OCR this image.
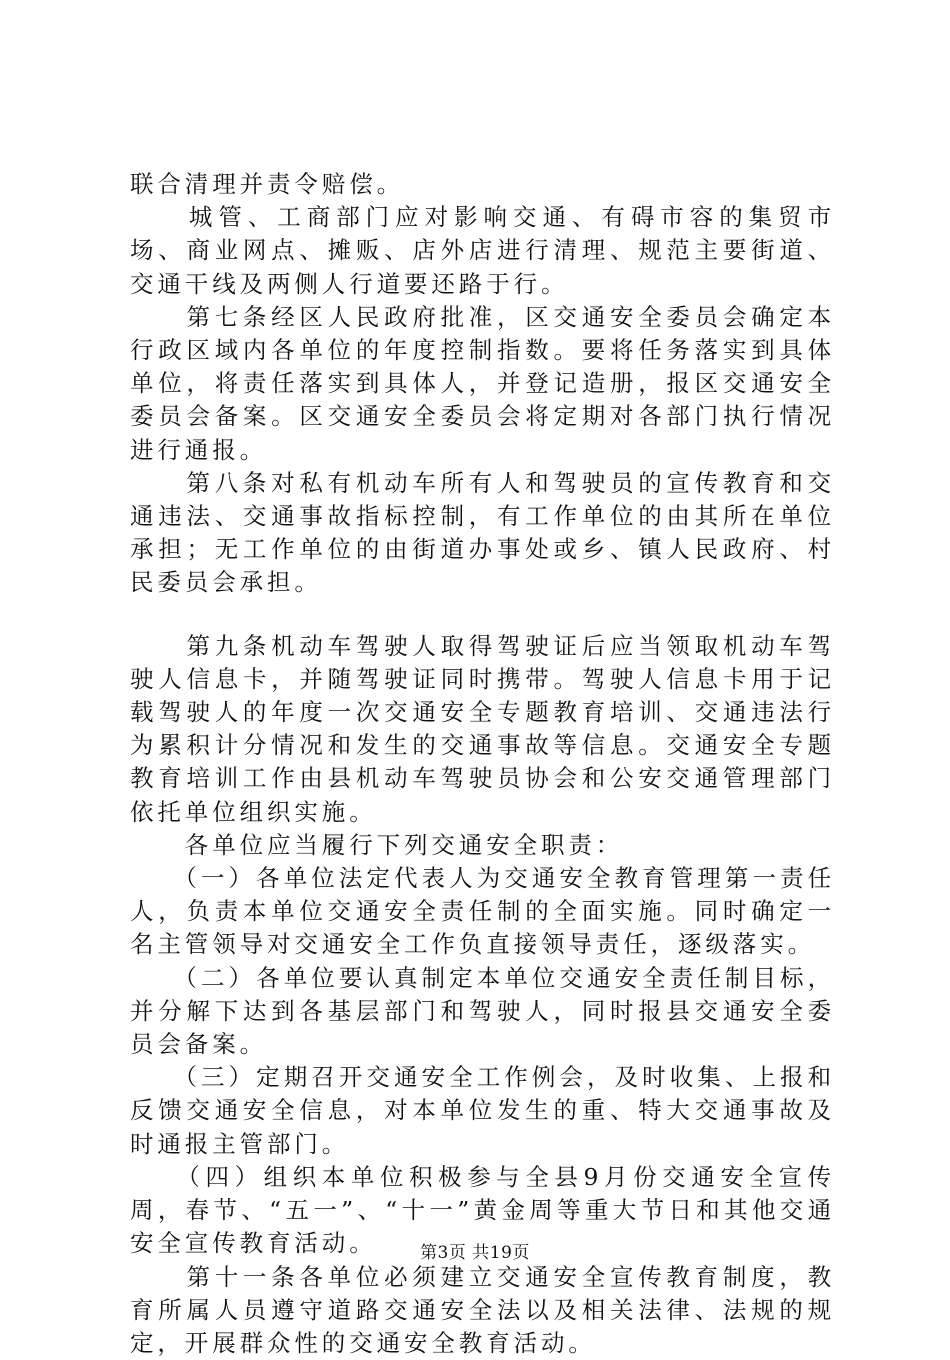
联合清理并责令赔偿。

　　城管、工商部门应对影响交通、有碍市容的集贸市场、商业网点、摊贩、店外店进行清理、规范主要街道、交通干线及两侧人行道要还路于行。

　　第七条经区人民政府批准，区交通安全委员会确定本行政区域内各单位的年度控制指数。要将任务落实到具体单位，将责任落实到具体人，并登记造册，报区交通安全委员会备案。区交通安全委员会将定期对各部门执行情况进行通报。

　　第八条对私有机动车所有人和驾驶员的宣传教育和交通违法、交通事故指标控制，有工作单位的由其所在单位承担；无工作单位的由街道办事处或乡、镇人民政府、村民委员会承担。

　　第九条机动车驾驶人取得驾驶证后应当领取机动车驾驶人信息卡，并随驾驶证同时携带。驾驶人信息卡用于记载驾驶人的年度一次交通安全专题教育培训、交通违法行为累积计分情况和发生的交通事故等信息。交通安全专题教育培训工作由县机动车驾驶员协会和公安交通管理部门依托单位组织实施。

　　各单位应当履行下列交通安全职责：

　　（一）各单位法定代表人为交通安全教育管理第一责任人，负责本单位交通安全责任制的全面实施。同时确定一名主管领导对交通安全工作负直接领导责任，逐级落实。

　　（二）各单位要认真制定本单位交通安全责任制目标，并分解下达到各基层部门和驾驶人，同时报县交通安全委员会备案。

　　（三）定期召开交通安全工作例会，及时收集、上报和反馈交通安全信息，对本单位发生的重、特大交通事故及时通报主管部门。

　　（四）组织本单位积极参与全县9月份交通安全宣传周，春节、“五一”、“十一”黄金周等重大节日和其他交通安全宣传教育活动。

　　第十一条各单位必须建立交通安全宣传教育制度，教育所属人员遵守道路交通安全法以及相关法律、法规的规定，开展群众性的交通安全教育活动。

第3页 共19页
